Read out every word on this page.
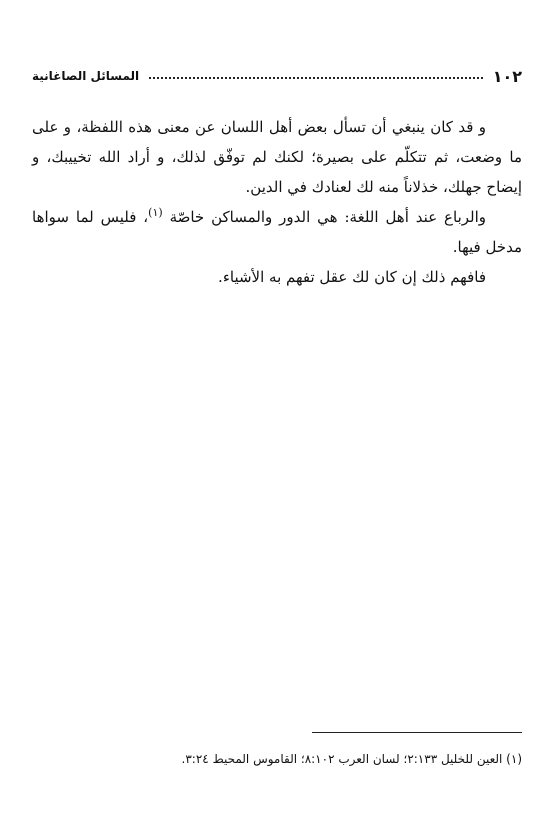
١٠٢
المسائل الصاغانية

و قد كان ينبغي أن تسأل بعض أهل اللسان عن معنى هذه اللفظة، و على ما وضعت، ثم تتكلّم على بصيرة؛ لكنك لم توفّق لذلك، و أراد الله تخييبك، و إيضاح جهلك، خذلاناً منه لك لعنادك في الدين.

والرباع عند أهل اللغة: هي الدور والمساكن خاصّة $^{(١)}$، فليس لما سواها مدخل فيها.

فافهم ذلك إن كان لك عقل تفهم به الأشياء.

(١) العين للخليل ٢:١٣٣؛ لسان العرب ٨:١٠٢؛ القاموس المحيط ٣:٢٤.
